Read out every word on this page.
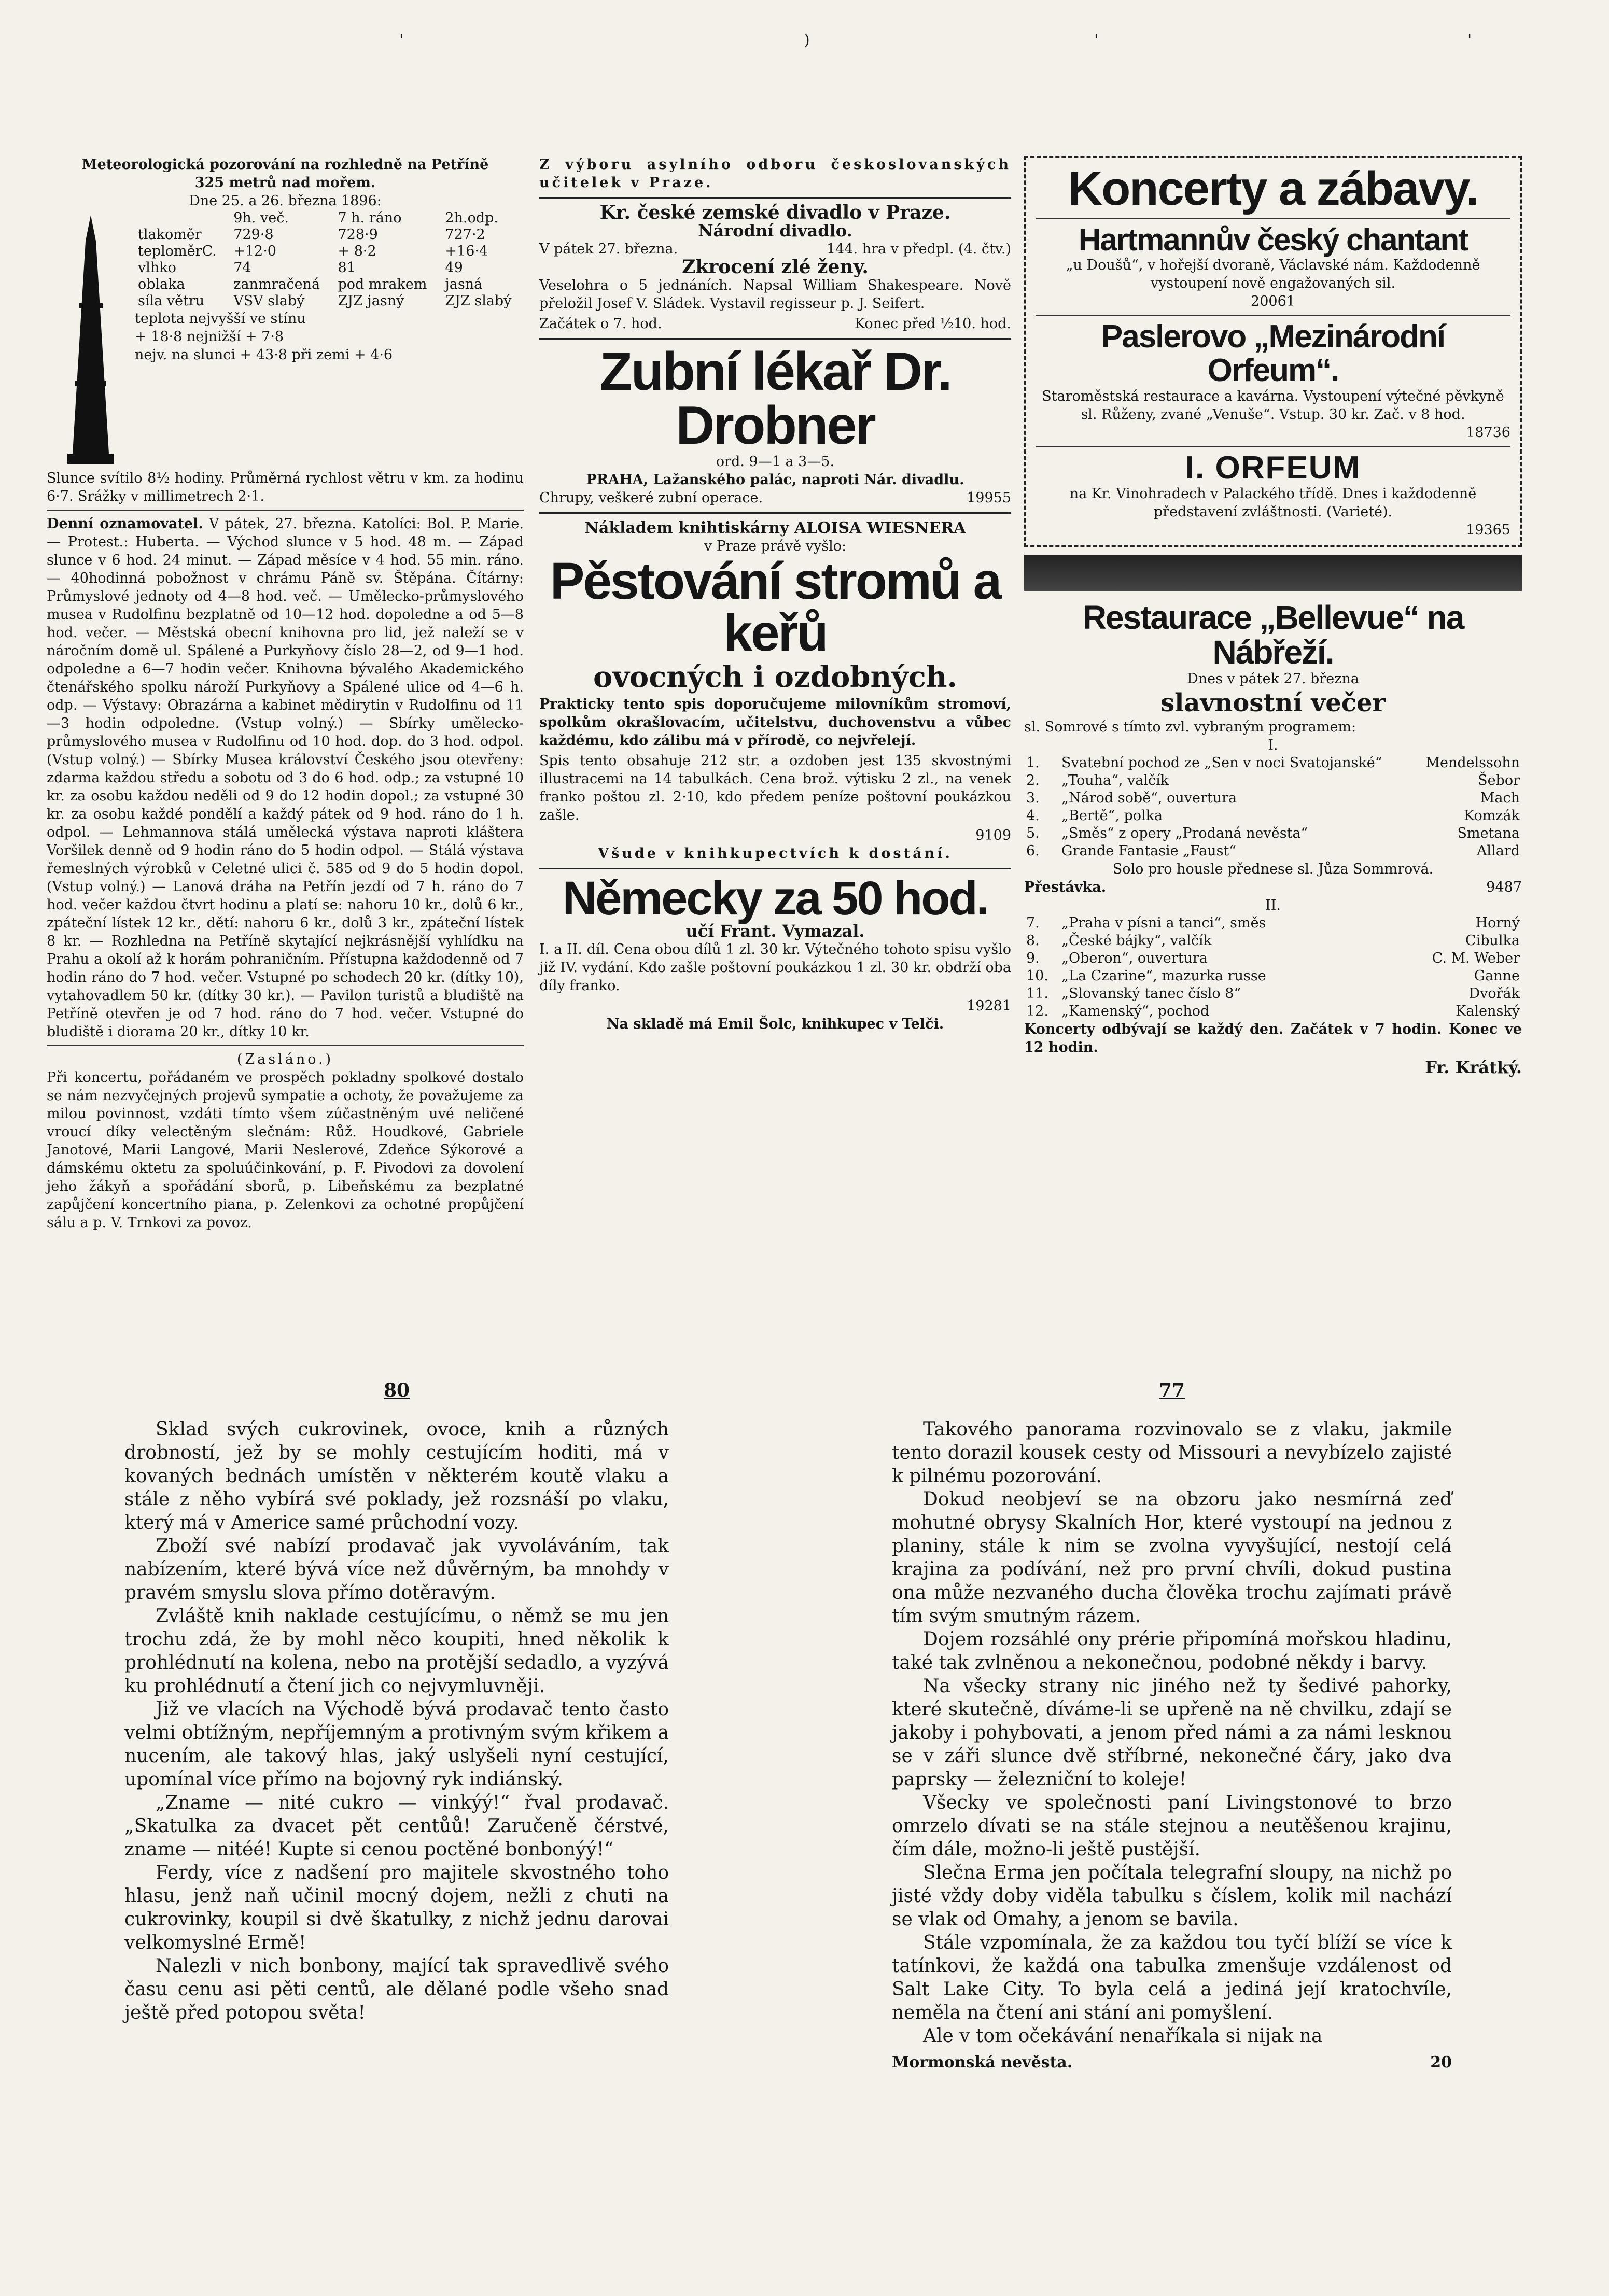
'	)	'	'
Meteorologická pozorování na rozhledně na Petříně
325 metrů nad mořem.
Dne 25. a 26. března 1896:
	9h. več.	7 h. ráno	2h.odp.
tlakoměr	729·8	728·9	727·2
teploměrC.	+12·0	+ 8·2	+16·4
vlhko	74	81	49
oblaka	zanmračená	pod mrakem	jasná
síla větru	VSV slabý	ZJZ jasný	ZJZ slabý
teplota nejvyšší ve stínu
+ 18·8 nejnižší + 7·8
nejv. na slunci + 43·8 při zemi + 4·6

Slunce svítilo 8½ hodiny. Průměrná rychlost větru v km. za hodinu 6·7. Srážky v millimetrech 2·1.

Denní oznamovatel. V pátek, 27. března. Katolíci: Bol. P. Marie. — Protest.: Huberta. — Východ slunce v 5 hod. 48 m. — Západ slunce v 6 hod. 24 minut. — Západ měsíce v 4 hod. 55 min. ráno. — 40hodinná pobožnost v chrámu Páně sv. Štěpána. Čítárny: Průmyslové jednoty od 4—8 hod. več. — Umělecko-průmyslového musea v Rudolfinu bezplatně od 10—12 hod. dopoledne a od 5—8 hod. večer. — Městská obecní knihovna pro lid, jež naleží se v náročním domě ul. Spálené a Purkyňovy číslo 28—2, od 9—1 hod. odpoledne a 6—7 hodin večer. Knihovna bývalého Akademického čtenářského spolku nároží Purkyňovy a Spálené ulice od 4—6 h. odp. — Výstavy: Obrazárna a kabinet mědirytin v Rudolfinu od 11—3 hodin odpoledne. (Vstup volný.) — Sbírky umělecko-průmyslového musea v Rudolfinu od 10 hod. dop. do 3 hod. odpol. (Vstup volný.) — Sbírky Musea království Českého jsou otevřeny: zdarma každou středu a sobotu od 3 do 6 hod. odp.; za vstupné 10 kr. za osobu každou neděli od 9 do 12 hodin dopol.; za vstupné 30 kr. za osobu každé pondělí a každý pátek od 9 hod. ráno do 1 h. odpol. — Lehmannova stálá umělecká výstava naproti kláštera Voršilek denně od 9 hodin ráno do 5 hodin odpol. — Stálá výstava řemeslných výrobků v Celetné ulici č. 585 od 9 do 5 hodin dopol. (Vstup volný.) — Lanová dráha na Petřín jezdí od 7 h. ráno do 7 hod. večer každou čtvrt hodinu a platí se: nahoru 10 kr., dolů 6 kr., zpáteční lístek 12 kr., dětí: nahoru 6 kr., dolů 3 kr., zpáteční lístek 8 kr. — Rozhledna na Petříně skytající nejkrásnější vyhlídku na Prahu a okolí až k horám pohraničním. Přístupna každodenně od 7 hodin ráno do 7 hod. večer. Vstupné po schodech 20 kr. (dítky 10), vytahovadlem 50 kr. (dítky 30 kr.). — Pavilon turistů a bludiště na Petříně otevřen je od 7 hod. ráno do 7 hod. večer. Vstupné do bludiště i diorama 20 kr., dítky 10 kr.

(Zasláno.)

Při koncertu, pořádaném ve prospěch pokladny spolkové dostalo se nám nezvyčejných projevů sympatie a ochoty, že považujeme za milou povinnost, vzdáti tímto všem zúčastněným uvé neličené vroucí díky velectěným slečnám: Růž. Houdkové, Gabriele Janotové, Marii Langové, Marii Neslerové, Zdeňce Sýkorové a dámskému oktetu za spoluúčinkování, p. F. Pivodovi za dovolení jeho žákyň a spořádání sborů, p. Libeňskému za bezplatné zapůjčení koncertního piana, p. Zelenkovi za ochotné propůjčení sálu a p. V. Trnkovi za povoz.

Z výboru asylního odboru českoslovanských učitelek v Praze.

Kr. české zemské divadlo v Praze.
Národní divadlo.
V pátek 27. března.	144. hra v předpl. (4. čtv.)
Zkrocení zlé ženy.

Veselohra o 5 jednáních. Napsal William Shakespeare. Nově přeložil Josef V. Sládek. Vystavil regisseur p. J. Seifert.

Začátek o 7. hod.	Konec před ½10. hod.
Zubní lékař Dr. Drobner
ord. 9—1 a 3—5.
PRAHA, Lažanského palác, naproti Nár. divadlu.
Chrupy, veškeré zubní operace.	19955
Nákladem knihtiskárny ALOISA WIESNERA
v Praze právě vyšlo:
Pěstování stromů a keřů
ovocných i ozdobných.

Prakticky tento spis doporučujeme milovníkům stromoví, spolkům okrašlovacím, učitelstvu, duchovenstvu a vůbec každému, kdo zálibu má v přírodě, co nejvřelejí.

Spis tento obsahuje 212 str. a ozdoben jest 135 skvostnými illustracemi na 14 tabulkách. Cena brož. výtisku 2 zl., na venek franko poštou zl. 2·10, kdo předem peníze poštovní poukázkou zašle.

9109
Všude v knihkupectvích k dostání.
Německy za 50 hod.
učí Frant. Vymazal.

I. a II. díl. Cena obou dílů 1 zl. 30 kr. Výtečného tohoto spisu vyšlo již IV. vydání. Kdo zašle poštovní poukázkou 1 zl. 30 kr. obdrží oba díly franko.

19281
Na skladě má Emil Šolc, knihkupec v Telči.
Koncerty a zábavy.
Hartmannův český chantant
„u Doušů“, v hořejší dvoraně, Václavské nám. Každodenně vystoupení nově engažovaných sil.
20061
Paslerovo „Mezinárodní Orfeum“.
Staroměstská restaurace a kavárna. Vystoupení výtečné pěvkyně sl. Růženy, zvané „Venuše“. Vstup. 30 kr. Zač. v 8 hod.
18736
I. ORFEUM
na Kr. Vinohradech v Palackého třídě. Dnes i každodenně představení zvláštnosti. (Varieté).
19365
Restaurace „Bellevue“ na Nábřeží.
Dnes v pátek 27. března
slavnostní večer
sl. Somrové s tímto zvl. vybraným programem:
I.
1.	Svatební pochod ze „Sen v noci Svatojanské“	Mendelssohn
2.	„Touha“, valčík	Šebor
3.	„Národ sobě“, ouvertura	Mach
4.	„Bertě“, polka	Komzák
5.	„Směs“ z opery „Prodaná nevěsta“	Smetana
6.	Grande Fantasie „Faust“	Allard
Solo pro housle přednese sl. Jůza Sommrová.
Přestávka.	9487
II.
7.	„Praha v písni a tanci“, směs	Horný
8.	„České bájky“, valčík	Cibulka
9.	„Oberon“, ouvertura	C. M. Weber
10.	„La Czarine“, mazurka russe	Ganne
11.	„Slovanský tanec číslo 8“	Dvořák
12.	„Kamenský“, pochod	Kalenský

Koncerty odbývají se každý den. Začátek v 7 hodin. Konec ve 12 hodin.

Fr. Krátký.
80

Sklad svých cukrovinek, ovoce, knih a různých drobností, jež by se mohly cestujícím hoditi, má v kovaných bednách umístěn v některém koutě vlaku a stále z něho vybírá své poklady, jež rozsnáší po vlaku, který má v Americe samé průchodní vozy.

Zboží své nabízí prodavač jak vyvoláváním, tak nabízením, které bývá více než důvěrným, ba mnohdy v pravém smyslu slova přímo dotěravým.

Zvláště knih naklade cestujícímu, o němž se mu jen trochu zdá, že by mohl něco koupiti, hned několik k prohlédnutí na kolena, nebo na protější sedadlo, a vyzývá ku prohlédnutí a čtení jich co nejvymluvněji.

Již ve vlacích na Východě bývá prodavač tento často velmi obtížným, nepříjemným a protivným svým křikem a nucením, ale takový hlas, jaký uslyšeli nyní cestující, upomínal více přímo na bojovný ryk indiánský.

„Zname — nité cukro — vinkýý!“ řval prodavač. „Skatulka za dvacet pět centůů! Zaručeně čérstvé, zname — nitéé! Kupte si cenou poctěné bonbonýý!“

Ferdy, více z nadšení pro majitele skvostného toho hlasu, jenž naň učinil mocný dojem, nežli z chuti na cukrovinky, koupil si dvě škatulky, z nichž jednu darovai velkomyslné Ermě!

Nalezli v nich bonbony, mající tak spravedlivě svého času cenu asi pěti centů, ale dělané podle všeho snad ještě před potopou světa!

77

Takového panorama rozvinovalo se z vlaku, jakmile tento dorazil kousek cesty od Missouri a nevybízelo zajisté k pilnému pozorování.

Dokud neobjeví se na obzoru jako nesmírná zeď mohutné obrysy Skalních Hor, které vystoupí na jednou z planiny, stále k nim se zvolna vyvyšující, nestojí celá krajina za podívání, než pro první chvíli, dokud pustina ona může nezvaného ducha člověka trochu zajímati právě tím svým smutným rázem.

Dojem rozsáhlé ony prérie připomíná mořskou hladinu, také tak zvlněnou a nekonečnou, podobné někdy i barvy.

Na všecky strany nic jiného než ty šedivé pahorky, které skutečně, díváme-li se upřeně na ně chvilku, zdají se jakoby i pohybovati, a jenom před námi a za námi lesknou se v záři slunce dvě stříbrné, nekonečné čáry, jako dva paprsky — železniční to koleje!

Všecky ve společnosti paní Livingstonové to brzo omrzelo dívati se na stále stejnou a neutěšenou krajinu, čím dále, možno-li ještě pustější.

Slečna Erma jen počítala telegrafní sloupy, na nichž po jisté vždy doby viděla tabulku s číslem, kolik mil nachází se vlak od Omahy, a jenom se bavila.

Stále vzpomínala, že za každou tou tyčí blíží se více k tatínkovi, že každá ona tabulka zmenšuje vzdálenost od Salt Lake City. To byla celá a jediná její kratochvíle, neměla na čtení ani stání ani pomyšlení.

Ale v tom očekávání nenaříkala si nijak na

Mormonská nevěsta.	20
